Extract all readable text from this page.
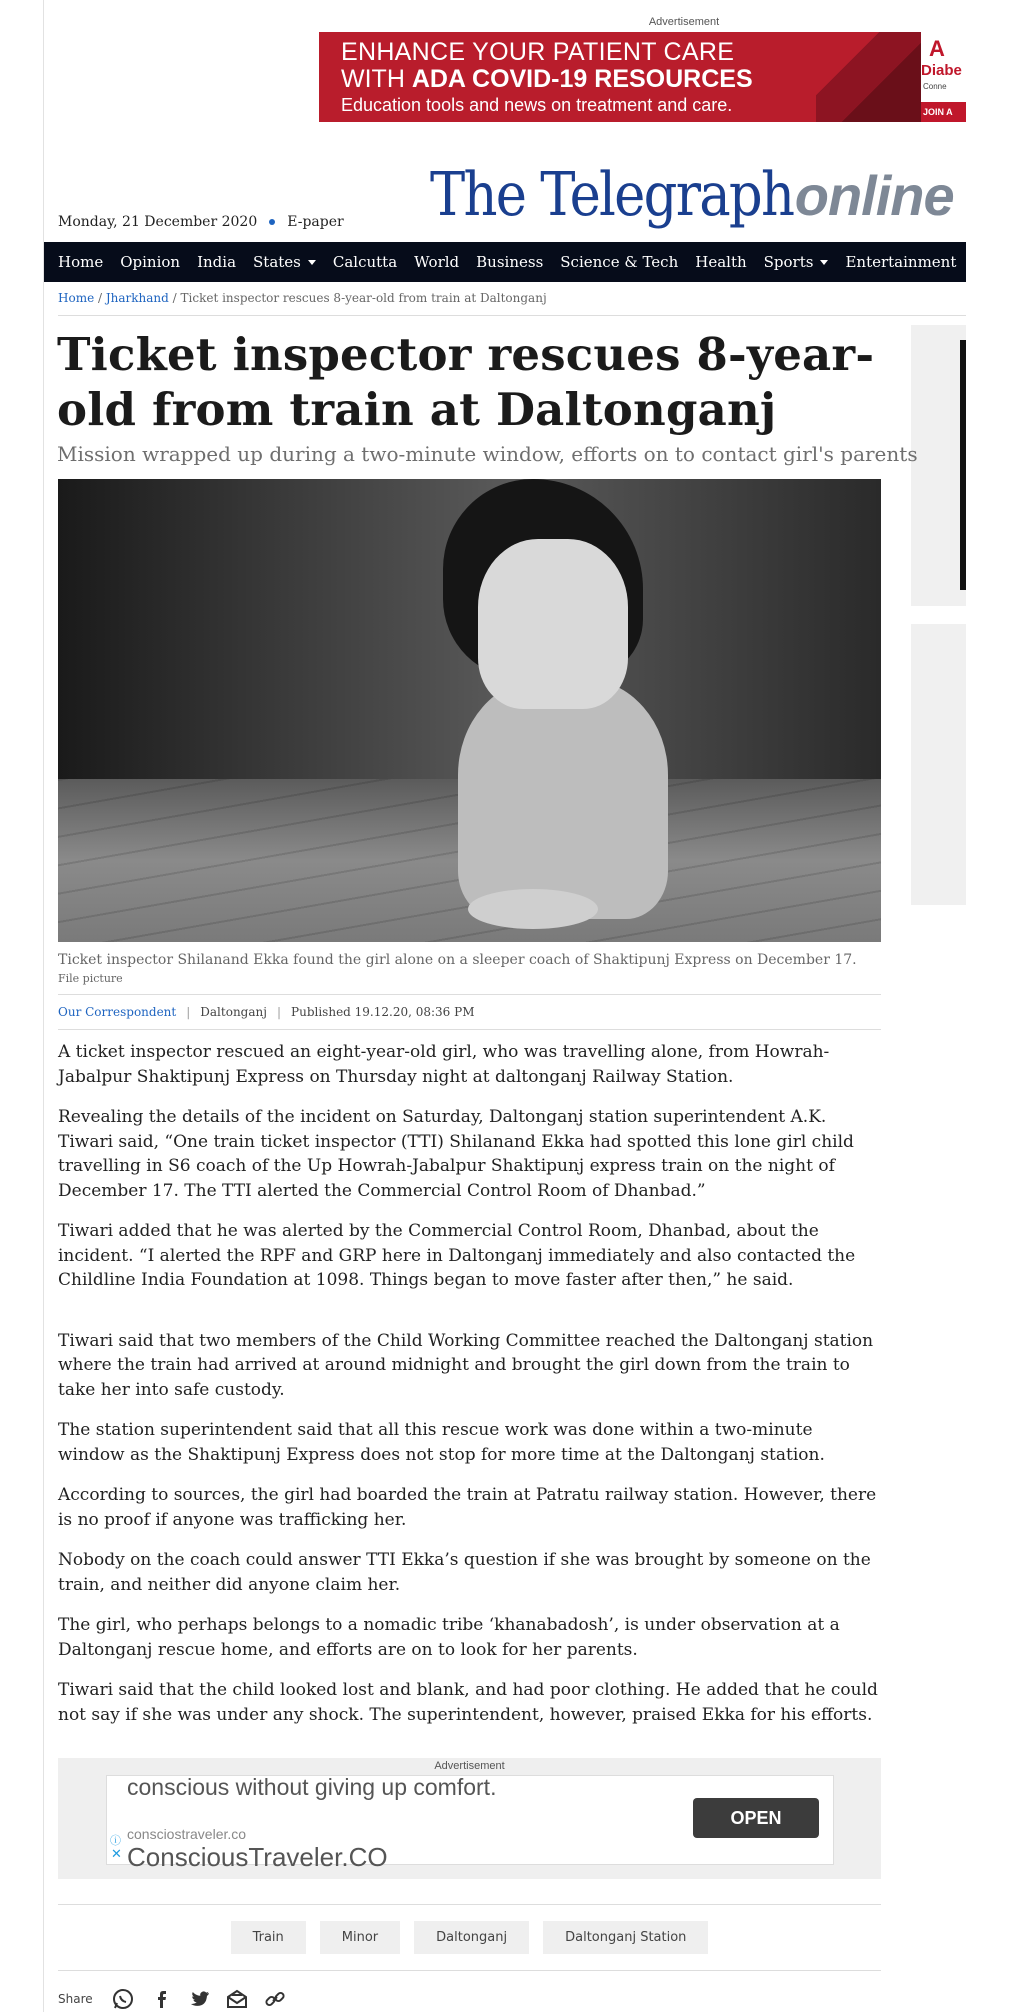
Advertisement
ENHANCE YOUR PATIENT CARE
WITH ADA COVID-19 RESOURCES
Education tools and news on treatment and care.
A
Diabe
Conne
JOIN A
The Telegraph online
Monday, 21 December 2020 E-paper
Home Opinion India States Calcutta World Business Science & Tech Health Sports Entertainment Culture
Home / Jharkhand / Ticket inspector rescues 8-year-old from train at Daltonganj
Ticket inspector rescues 8-year-old from train at Daltonganj
Mission wrapped up during a two-minute window, efforts on to contact girl's parents
Ticket inspector Shilanand Ekka found the girl alone on a sleeper coach of Shaktipunj Express on December 17.
File picture
Our Correspondent | Daltonganj | Published 19.12.20, 08:36 PM

A ticket inspector rescued an eight-year-old girl, who was travelling alone, from Howrah-Jabalpur Shaktipunj Express on Thursday night at daltonganj Railway Station.

Revealing the details of the incident on Saturday, Daltonganj station superintendent A.K. Tiwari said, “One train ticket inspector (TTI) Shilanand Ekka had spotted this lone girl child travelling in S6 coach of the Up Howrah-Jabalpur Shaktipunj express train on the night of December 17. The TTI alerted the Commercial Control Room of Dhanbad.”

Tiwari added that he was alerted by the Commercial Control Room, Dhanbad, about the incident. “I alerted the RPF and GRP here in Daltonganj immediately and also contacted the Childline India Foundation at 1098. Things began to move faster after then,” he said.

Tiwari said that two members of the Child Working Committee reached the Daltonganj station where the train had arrived at around midnight and brought the girl down from the train to take her into safe custody.

The station superintendent said that all this rescue work was done within a two-minute window as the Shaktipunj Express does not stop for more time at the Daltonganj station.

According to sources, the girl had boarded the train at Patratu railway station. However, there is no proof if anyone was trafficking her.

Nobody on the coach could answer TTI Ekka’s question if she was brought by someone on the train, and neither did anyone claim her.

The girl, who perhaps belongs to a nomadic tribe ‘khanabadosh’, is under observation at a Daltonganj rescue home, and efforts are on to look for her parents.

Tiwari said that the child looked lost and blank, and had poor clothing. He added that he could not say if she was under any shock. The superintendent, however, praised Ekka for his efforts.

Advertisement
conscious without giving up comfort.
consciostraveler.co
ConsciousTraveler.CO
OPEN
ⓘ
✕
Train	Minor	Daltonganj	Daltonganj Station
Share
